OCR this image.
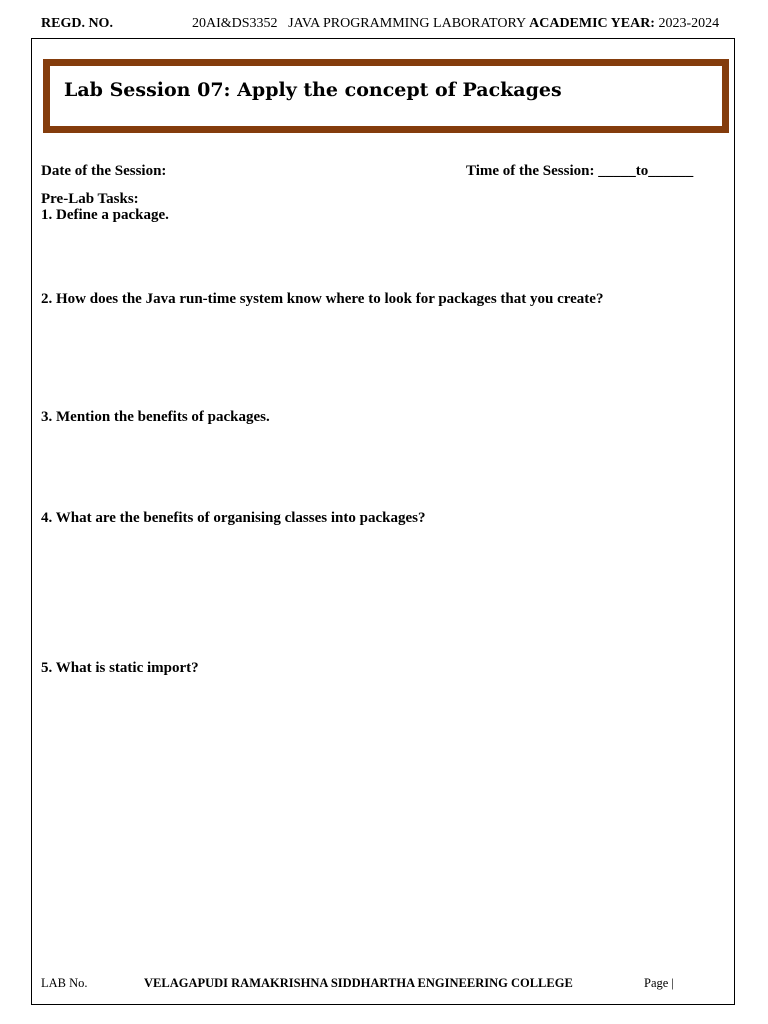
REGD. NO.	20AI&DS3352 JAVA PROGRAMMING LABORATORY ACADEMIC YEAR: 2023-2024
Lab Session 07: Apply the concept of Packages
Date of the Session:	Time of the Session: _____to______
Pre-Lab Tasks:
1. Define a package.
2. How does the Java run-time system know where to look for packages that you create?
3. Mention the benefits of packages.
4. What are the benefits of organising classes into packages?
5. What is static import?
LAB No.	VELAGAPUDI RAMAKRISHNA SIDDHARTHA ENGINEERING COLLEGE	Page |
